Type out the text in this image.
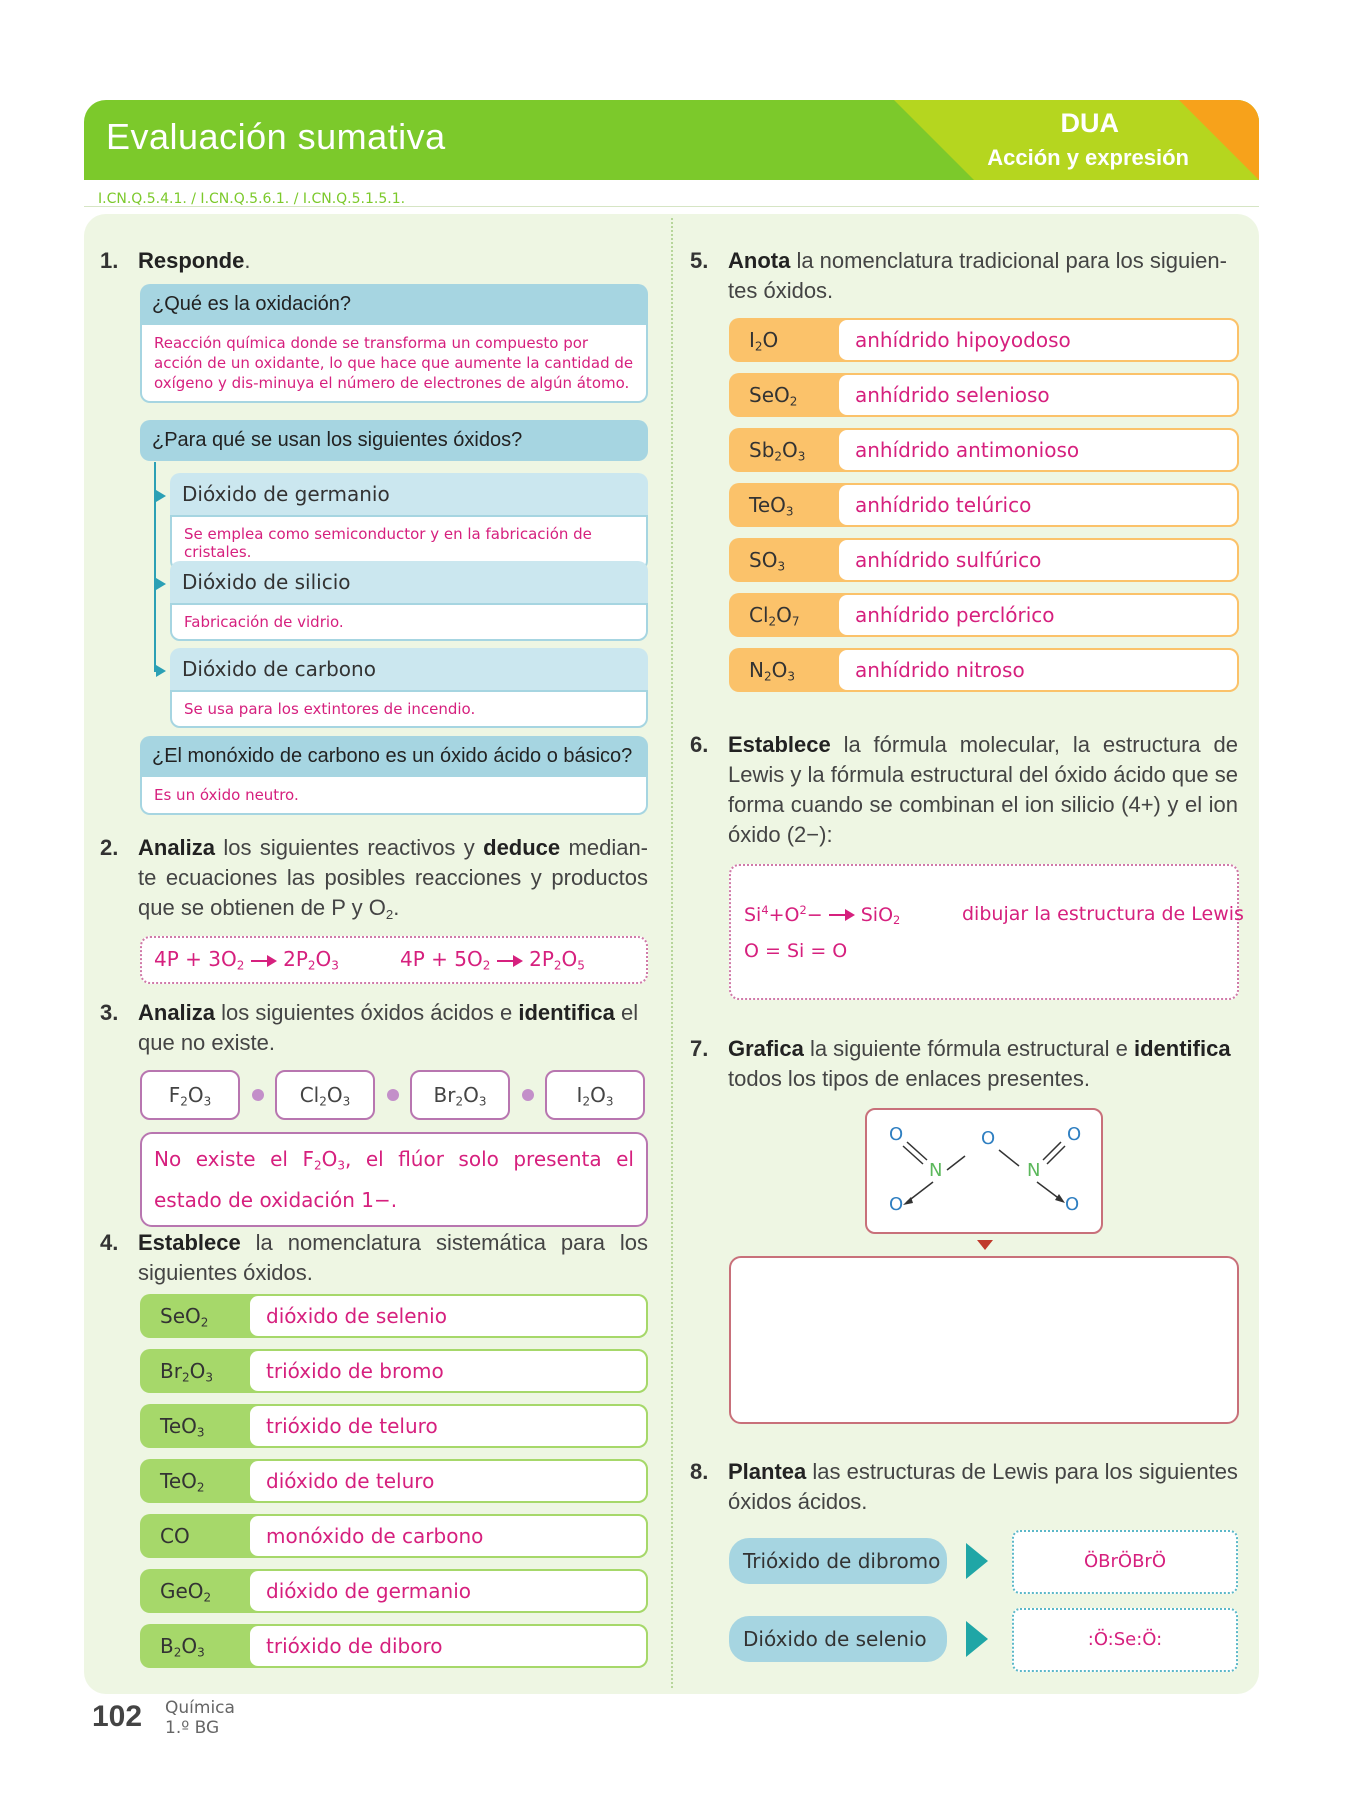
Evaluación sumativa	DUA
Acción y expresión
I.CN.Q.5.4.1. / I.CN.Q.5.6.1. / I.CN.Q.5.1.5.1.
1. Responde.
¿Qué es la oxidación?
Reacción química donde se transforma un compuesto por acción de un oxidante, lo que hace que aumente la cantidad de oxígeno y dis-minuya el número de electrones de algún átomo.
¿Para qué se usan los siguientes óxidos?
Dióxido de germanio
Se emplea como semiconductor y en la fabricación de cristales.
Dióxido de silicio
Fabricación de vidrio.
Dióxido de carbono
Se usa para los extintores de incendio.
¿El monóxido de carbono es un óxido ácido o básico?
Es un óxido neutro.
2. Analiza los siguientes reactivos y deduce median-te ecuaciones las posibles reacciones y productos que se obtienen de P y $O_2$.
$4P + 3O_2$ $2P_2O_3$	$4P + 5O_2$ $2P_2O_5$
3. Analiza los siguientes óxidos ácidos e identifica el que no existe.
$F_2O_3$	$Cl_2O_3$	$Br_2O_3$	$I_2O_3$
No existe el $F_2O_3$, el flúor solo presenta el estado de oxidación 1−.
4. Establece la nomenclatura sistemática para los siguientes óxidos.
SeO$_2$	dióxido de selenio
$Br_2O_3$	trióxido de bromo
TeO$_3$	trióxido de teluro
TeO$_2$	dióxido de teluro
CO	monóxido de carbono
GeO$_2$	dióxido de germanio
$B_2O_3$	trióxido de diboro
5. Anota la nomenclatura tradicional para los siguien-tes óxidos.
$I_2O$	anhídrido hipoyodoso
SeO$_2$	anhídrido selenioso
$Sb_2O_3$	anhídrido antimonioso
TeO$_3$	anhídrido telúrico
$SO_3$	anhídrido sulfúrico
$Cl_2O_7$	anhídrido perclórico
$N_2O_3$	anhídrido nitroso
6. Establece la fórmula molecular, la estructura de Lewis y la fórmula estructural del óxido ácido que se forma cuando se combinan el ion silicio (4+) y el ion óxido (2−):
$Si^4+O^2- SiO_2$
O = Si = O
dibujar la estructura de Lewis
7. Grafica la siguiente fórmula estructural e identifica todos los tipos de enlaces presentes.
O	O	O
O	O
N	N
8. Plantea las estructuras de Lewis para los siguientes óxidos ácidos.
Trióxido de dibromo	ÖBrÖBrÖ
Dióxido de selenio	:Ö:Se:Ö:
102 Química
1.º BG
